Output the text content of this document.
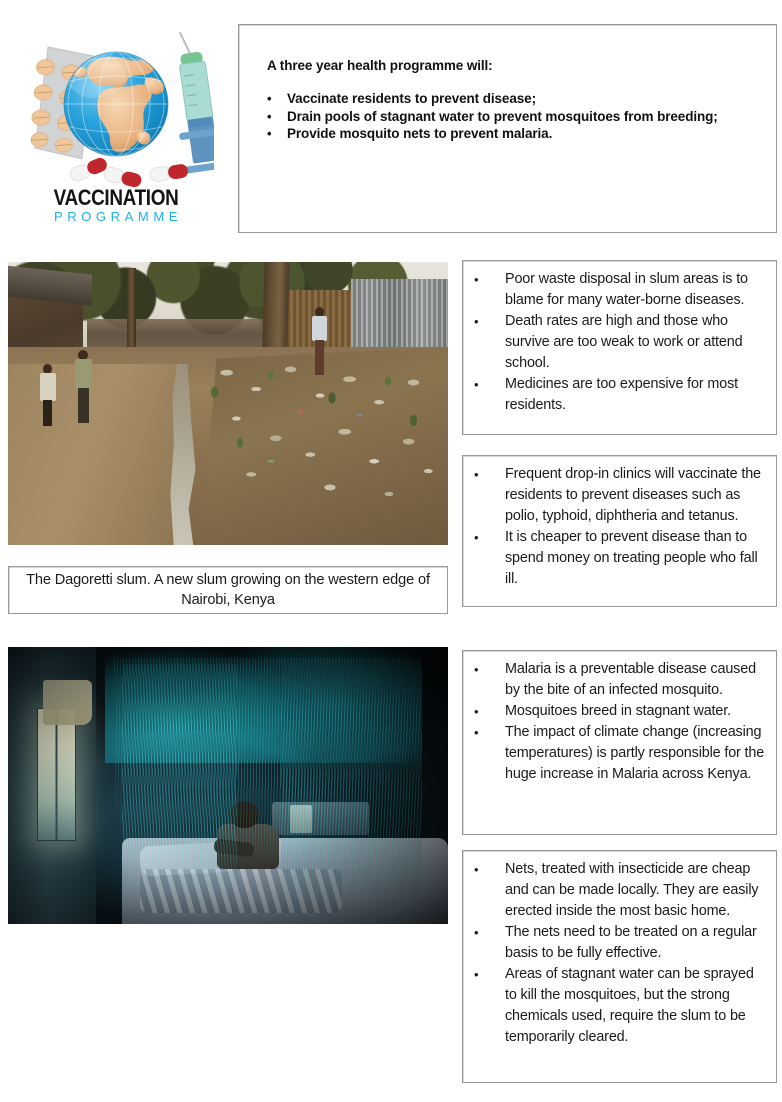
VACCINATION
PROGRAMME
A three year health programme will:
•	Vaccinate residents to prevent disease;
•	Drain pools of stagnant water to prevent mosquitoes from breeding;
•	Provide mosquito nets to prevent malaria.
The Dagoretti slum. A new slum growing on the western edge of Nairobi, Kenya
•	Poor waste disposal in slum areas is to blame for many water-borne diseases.
•	Death rates are high and those who survive are too weak to work or attend school.
•	Medicines are too expensive for most residents.
•	Frequent drop-in clinics will vaccinate the residents to prevent diseases such as polio, typhoid, diphtheria and tetanus.
•	It is cheaper to prevent disease than to spend money on treating people who fall ill.
•	Malaria is a preventable disease caused by the bite of an infected mosquito.
•	Mosquitoes breed in stagnant water.
•	The impact of climate change (increasing temperatures) is partly responsible for the huge increase in Malaria across Kenya.
•	Nets, treated with insecticide are cheap and can be made locally. They are easily erected inside the most basic home.
•	The nets need to be treated on a regular basis to be fully effective.
•	Areas of stagnant water can be sprayed to kill the mosquitoes, but the strong chemicals used, require the slum to be temporarily cleared.
